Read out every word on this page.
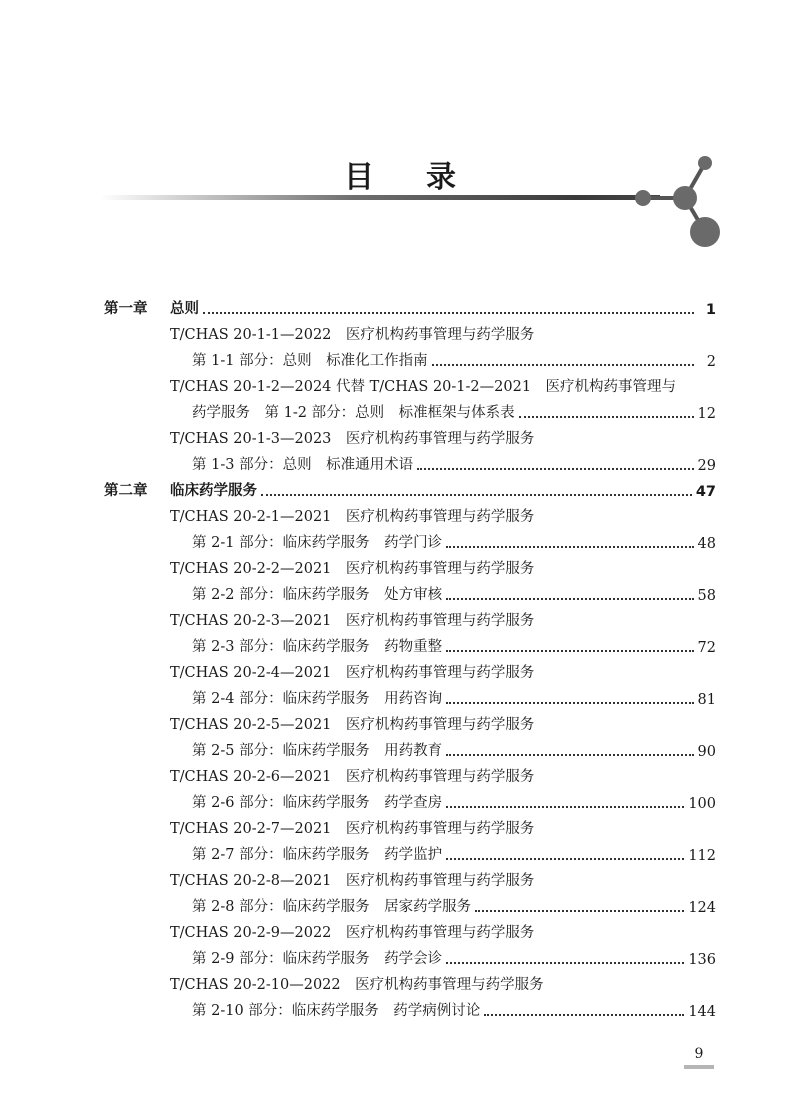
目 录
第一章	总则	1
T/CHAS 20-1-1—2022　医疗机构药事管理与药学服务
第 1-1 部分：总则　标准化工作指南	2
T/CHAS 20-1-2—2024 代替 T/CHAS 20-1-2—2021　医疗机构药事管理与
药学服务　第 1-2 部分：总则　标准框架与体系表	12
T/CHAS 20-1-3—2023　医疗机构药事管理与药学服务
第 1-3 部分：总则　标准通用术语	29
第二章	临床药学服务	47
T/CHAS 20-2-1—2021　医疗机构药事管理与药学服务
第 2-1 部分：临床药学服务　药学门诊	48
T/CHAS 20-2-2—2021　医疗机构药事管理与药学服务
第 2-2 部分：临床药学服务　处方审核	58
T/CHAS 20-2-3—2021　医疗机构药事管理与药学服务
第 2-3 部分：临床药学服务　药物重整	72
T/CHAS 20-2-4—2021　医疗机构药事管理与药学服务
第 2-4 部分：临床药学服务　用药咨询	81
T/CHAS 20-2-5—2021　医疗机构药事管理与药学服务
第 2-5 部分：临床药学服务　用药教育	90
T/CHAS 20-2-6—2021　医疗机构药事管理与药学服务
第 2-6 部分：临床药学服务　药学查房	100
T/CHAS 20-2-7—2021　医疗机构药事管理与药学服务
第 2-7 部分：临床药学服务　药学监护	112
T/CHAS 20-2-8—2021　医疗机构药事管理与药学服务
第 2-8 部分：临床药学服务　居家药学服务	124
T/CHAS 20-2-9—2022　医疗机构药事管理与药学服务
第 2-9 部分：临床药学服务　药学会诊	136
T/CHAS 20-2-10—2022　医疗机构药事管理与药学服务
第 2-10 部分：临床药学服务　药学病例讨论	144
9
